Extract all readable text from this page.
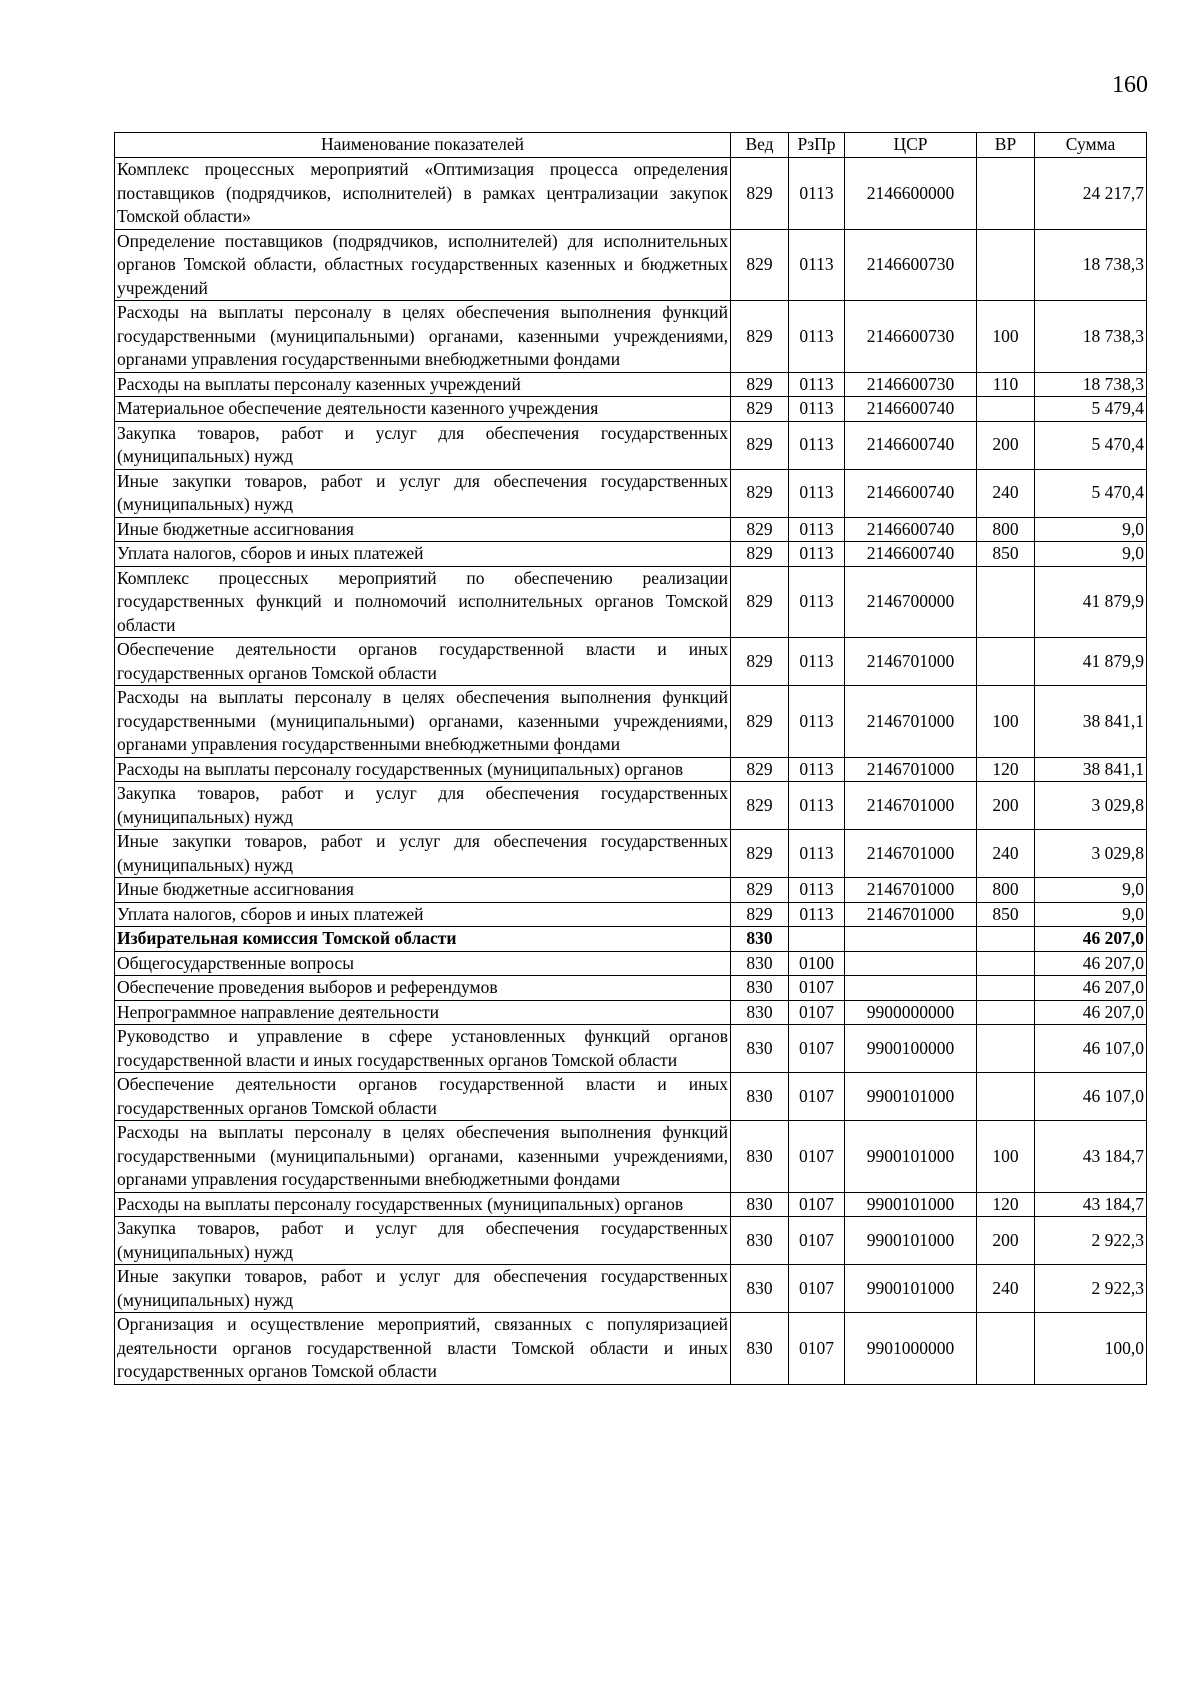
160
Наименование показателей	Вед	РзПр	ЦСР	ВР	Сумма
Комплекс процессных мероприятий «Оптимизация процесса определения поставщиков (подрядчиков, исполнителей) в рамках централизации закупок Томской области»	829	0113	2146600000		24 217,7
Определение поставщиков (подрядчиков, исполнителей) для исполнительных органов Томской области, областных государственных казенных и бюджетных учреждений	829	0113	2146600730		18 738,3
Расходы на выплаты персоналу в целях обеспечения выполнения функций государственными (муниципальными) органами, казенными учреждениями, органами управления государственными внебюджетными фондами	829	0113	2146600730	100	18 738,3
Расходы на выплаты персоналу казенных учреждений	829	0113	2146600730	110	18 738,3
Материальное обеспечение деятельности казенного учреждения	829	0113	2146600740		5 479,4
Закупка товаров, работ и услуг для обеспечения государственных (муниципальных) нужд	829	0113	2146600740	200	5 470,4
Иные закупки товаров, работ и услуг для обеспечения государственных (муниципальных) нужд	829	0113	2146600740	240	5 470,4
Иные бюджетные ассигнования	829	0113	2146600740	800	9,0
Уплата налогов, сборов и иных платежей	829	0113	2146600740	850	9,0
Комплекс процессных мероприятий по обеспечению реализации государственных функций и полномочий исполнительных органов Томской области	829	0113	2146700000		41 879,9
Обеспечение деятельности органов государственной власти и иных государственных органов Томской области	829	0113	2146701000		41 879,9
Расходы на выплаты персоналу в целях обеспечения выполнения функций государственными (муниципальными) органами, казенными учреждениями, органами управления государственными внебюджетными фондами	829	0113	2146701000	100	38 841,1
Расходы на выплаты персоналу государственных (муниципальных) органов	829	0113	2146701000	120	38 841,1
Закупка товаров, работ и услуг для обеспечения государственных (муниципальных) нужд	829	0113	2146701000	200	3 029,8
Иные закупки товаров, работ и услуг для обеспечения государственных (муниципальных) нужд	829	0113	2146701000	240	3 029,8
Иные бюджетные ассигнования	829	0113	2146701000	800	9,0
Уплата налогов, сборов и иных платежей	829	0113	2146701000	850	9,0
Избирательная комиссия Томской области	830				46 207,0
Общегосударственные вопросы	830	0100			46 207,0
Обеспечение проведения выборов и референдумов	830	0107			46 207,0
Непрограммное направление деятельности	830	0107	9900000000		46 207,0
Руководство и управление в сфере установленных функций органов государственной власти и иных государственных органов Томской области	830	0107	9900100000		46 107,0
Обеспечение деятельности органов государственной власти и иных государственных органов Томской области	830	0107	9900101000		46 107,0
Расходы на выплаты персоналу в целях обеспечения выполнения функций государственными (муниципальными) органами, казенными учреждениями, органами управления государственными внебюджетными фондами	830	0107	9900101000	100	43 184,7
Расходы на выплаты персоналу государственных (муниципальных) органов	830	0107	9900101000	120	43 184,7
Закупка товаров, работ и услуг для обеспечения государственных (муниципальных) нужд	830	0107	9900101000	200	2 922,3
Иные закупки товаров, работ и услуг для обеспечения государственных (муниципальных) нужд	830	0107	9900101000	240	2 922,3
Организация и осуществление мероприятий, связанных с популяризацией деятельности органов государственной власти Томской области и иных государственных органов Томской области	830	0107	9901000000		100,0
